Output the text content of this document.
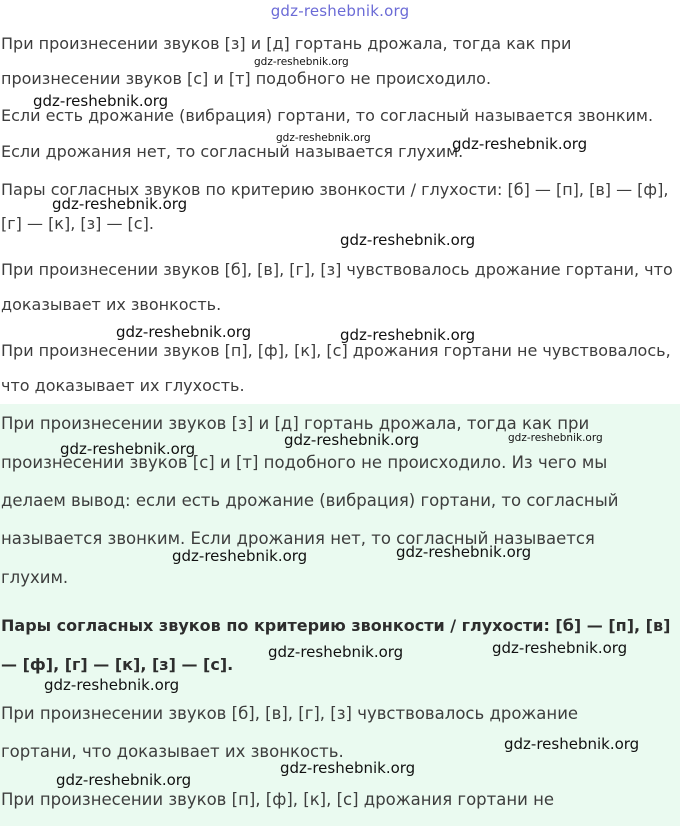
gdz-reshebnik.org
При произнесении звуков [з] и [д] гортань дрожала, тогда как при
произнесении звуков [с] и [т] подобного не происходило.
Если есть дрожание (вибрация) гортани, то согласный называется звонким.
Если дрожания нет, то согласный называется глухим.
Пары согласных звуков по критерию звонкости / глухости: [б] — [п], [в] — [ф],
[г] — [к], [з] — [с].
При произнесении звуков [б], [в], [г], [з] чувствовалось дрожание гортани, что
доказывает их звонкость.
При произнесении звуков [п], [ф], [к], [с] дрожания гортани не чувствовалось,
что доказывает их глухость.
При произнесении звуков [з] и [д] гортань дрожала, тогда как при
произнесении звуков [с] и [т] подобного не происходило. Из чего мы
делаем вывод: если есть дрожание (вибрация) гортани, то согласный
называется звонким. Если дрожания нет, то согласный называется
глухим.
Пары согласных звуков по критерию звонкости / глухости: [б] — [п], [в]
— [ф], [г] — [к], [з] — [с].
При произнесении звуков [б], [в], [г], [з] чувствовалось дрожание
гортани, что доказывает их звонкость.
При произнесении звуков [п], [ф], [к], [с] дрожания гортани не
gdz-reshebnik.org
gdz-reshebnik.org
gdz-reshebnik.org	gdz-reshebnik.org
gdz-reshebnik.org
gdz-reshebnik.org
gdz-reshebnik.org	gdz-reshebnik.org
gdz-reshebnik.org	gdz-reshebnik.org	gdz-reshebnik.org
gdz-reshebnik.org	gdz-reshebnik.org
gdz-reshebnik.org	gdz-reshebnik.org
gdz-reshebnik.org
gdz-reshebnik.org
gdz-reshebnik.org
gdz-reshebnik.org
